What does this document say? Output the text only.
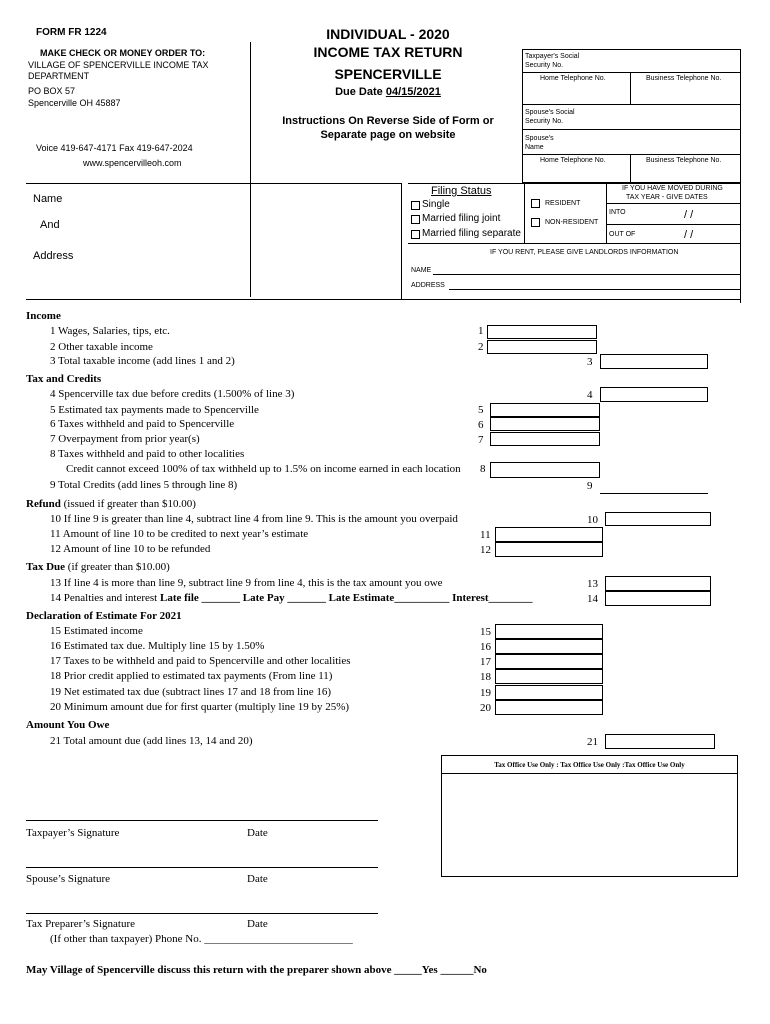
FORM FR 1224
MAKE CHECK OR MONEY ORDER TO:
VILLAGE OF SPENCERVILLE INCOME TAX
DEPARTMENT
PO BOX 57
Spencerville OH 45887
Voice 419-647-4171 Fax 419-647-2024
www.spencervilleoh.com
INDIVIDUAL - 2020
INCOME TAX RETURN
SPENCERVILLE
Due Date 04/15/2021
Instructions On Reverse Side of Form or
Separate page on website
Taxpayer's Social
Security No.
Home Telephone No.	Business Telephone No.
Spouse's Social
Security No.
Spouse's
Name
Home Telephone No.	Business Telephone No.
Name
And
Address
Filing Status
Single
Married filing joint
Married filing separate
RESIDENT
NON-RESIDENT
IF YOU HAVE MOVED DURING
TAX YEAR - GIVE DATES
INTO	/ /
OUT OF	/ /
IF YOU RENT, PLEASE GIVE LANDLORDS INFORMATION
NAME
ADDRESS
Income
1 Wages, Salaries, tips, etc.	1
2 Other taxable income	2
3 Total taxable income (add lines 1 and 2)	3
Tax and Credits
4 Spencerville tax due before credits (1.500% of line 3)	4
5 Estimated tax payments made to Spencerville	5
6 Taxes withheld and paid to Spencerville	6
7 Overpayment from prior year(s)	7
8 Taxes withheld and paid to other localities
Credit cannot exceed 100% of tax withheld up to 1.5% on income earned in each location 8
9 Total Credits (add lines 5 through line 8)	9
Refund (issued if greater than $10.00)
10 If line 9 is greater than line 4, subtract line 4 from line 9. This is the amount you overpaid	10
11 Amount of line 10 to be credited to next year’s estimate	11
12 Amount of line 10 to be refunded	12
Tax Due (if greater than $10.00)
13 If line 4 is more than line 9, subtract line 9 from line 4, this is the tax amount you owe	13
14 Penalties and interest Late file _______ Late Pay _______ Late Estimate__________ Interest________	14
Declaration of Estimate For 2021
15 Estimated income	15
16 Estimated tax due. Multiply line 15 by 1.50%	16
17 Taxes to be withheld and paid to Spencerville and other localities	17
18 Prior credit applied to estimated tax payments (From line 11)	18
19 Net estimated tax due (subtract lines 17 and 18 from line 16)	19
20 Minimum amount due for first quarter (multiply line 19 by 25%)	20
Amount You Owe
21 Total amount due (add lines 13, 14 and 20)	21
Tax Office Use Only : Tax Office Use Only :Tax Office Use Only
Taxpayer’s Signature	Date
Spouse’s Signature	Date
Tax Preparer’s Signature	Date
(If other than taxpayer) Phone No. ___________________________
May Village of Spencerville discuss this return with the preparer shown above _____Yes ______No
